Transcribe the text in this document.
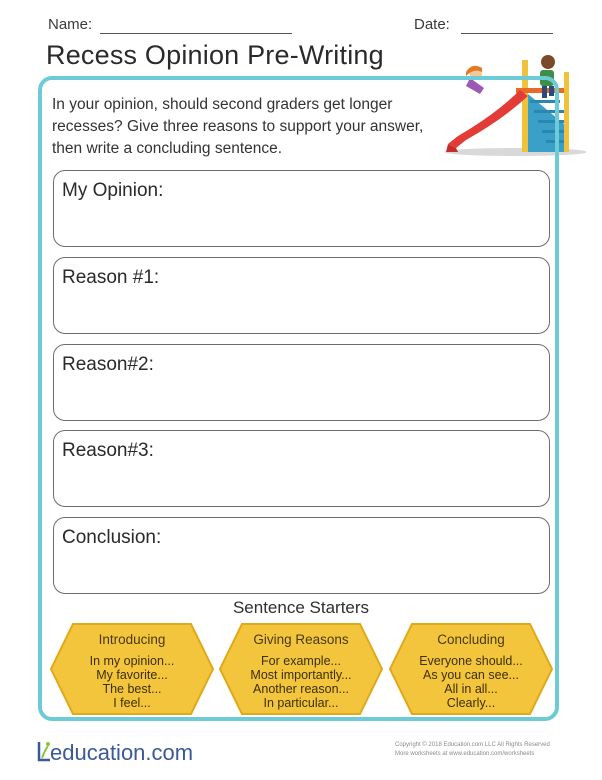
Name:	Date:
Recess Opinion Pre-Writing
In your opinion, should second graders get longer recesses? Give three reasons to support your answer, then write a concluding sentence.
My Opinion:
Reason #1:
Reason#2:
Reason#3:
Conclusion:
Sentence Starters
Introducing
In my opinion...
My favorite...
The best...
I feel...
Giving Reasons
For example...
Most importantly...
Another reason...
In particular...
Concluding
Everyone should...
As you can see...
All in all...
Clearly...
education.com	Copyright © 2018 Education.com LLC All Rights Reserved
More worksheets at www.education.com/worksheets
